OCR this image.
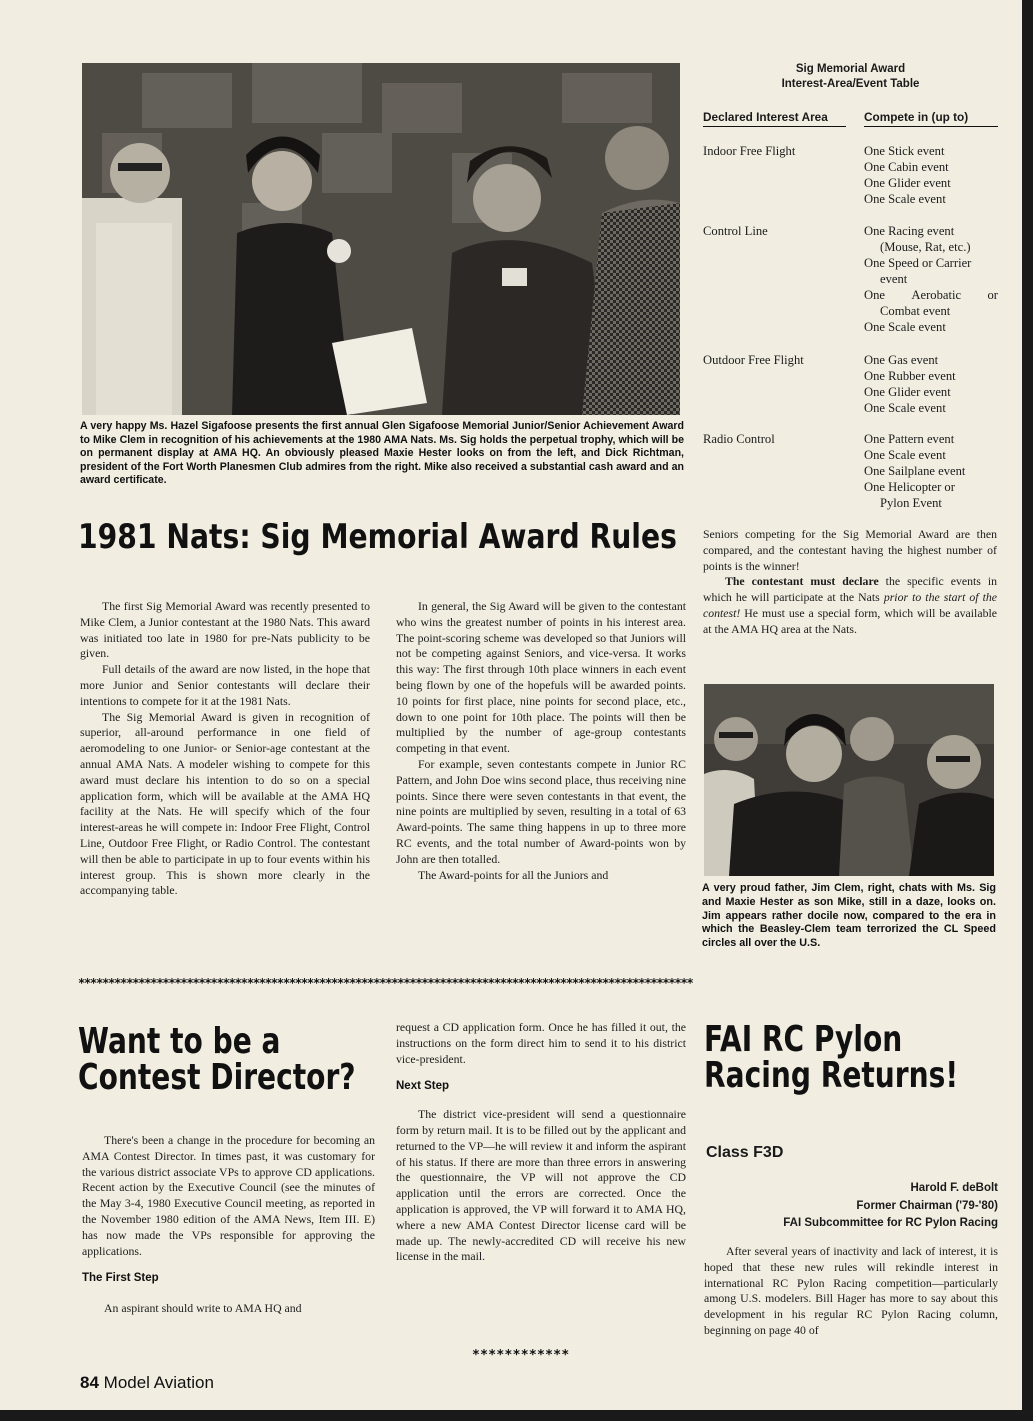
A very happy Ms. Hazel Sigafoose presents the first annual Glen Sigafoose Memorial Junior/Senior Achievement Award to Mike Clem in recognition of his achievements at the 1980 AMA Nats. Ms. Sig holds the perpetual trophy, which will be on permanent display at AMA HQ. An obviously pleased Maxie Hester looks on from the left, and Dick Richtman, president of the Fort Worth Planesmen Club admires from the right. Mike also received a substantial cash award and an award certificate.
Sig Memorial Award
Interest-Area/Event Table
Declared Interest Area	Compete in (up to)
Indoor Free Flight	One Stick event
One Cabin event
One Glider event
One Scale event
Control Line	One Racing event
(Mouse, Rat, etc.)
One Speed or Carrier
event
One Aerobatic or
Combat event
One Scale event
Outdoor Free Flight	One Gas event
One Rubber event
One Glider event
One Scale event
Radio Control	One Pattern event
One Scale event
One Sailplane event
One Helicopter or
Pylon Event
1981 Nats: Sig Memorial Award Rules

The first Sig Memorial Award was recently presented to Mike Clem, a Junior contestant at the 1980 Nats. This award was initiated too late in 1980 for pre-Nats publicity to be given.

Full details of the award are now listed, in the hope that more Junior and Senior contestants will declare their intentions to compete for it at the 1981 Nats.

The Sig Memorial Award is given in recognition of superior, all-around performance in one field of aeromodeling to one Junior- or Senior-age contestant at the annual AMA Nats. A modeler wishing to compete for this award must declare his intention to do so on a special application form, which will be available at the AMA HQ facility at the Nats. He will specify which of the four interest-areas he will compete in: Indoor Free Flight, Control Line, Outdoor Free Flight, or Radio Control. The contestant will then be able to participate in up to four events within his interest group. This is shown more clearly in the accompanying table.

In general, the Sig Award will be given to the contestant who wins the greatest number of points in his interest area. The point-scoring scheme was developed so that Juniors will not be competing against Seniors, and vice-versa. It works this way: The first through 10th place winners in each event being flown by one of the hopefuls will be awarded points. 10 points for first place, nine points for second place, etc., down to one point for 10th place. The points will then be multiplied by the number of age-group contestants competing in that event.

For example, seven contestants compete in Junior RC Pattern, and John Doe wins second place, thus receiving nine points. Since there were seven contestants in that event, the nine points are multiplied by seven, resulting in a total of 63 Award-points. The same thing happens in up to three more RC events, and the total number of Award-points won by John are then totalled.

The Award-points for all the Juniors and

Seniors competing for the Sig Memorial Award are then compared, and the contestant having the highest number of points is the winner!

The contestant must declare the specific events in which he will participate at the Nats prior to the start of the contest! He must use a special form, which will be available at the AMA HQ area at the Nats.

A very proud father, Jim Clem, right, chats with Ms. Sig and Maxie Hester as son Mike, still in a daze, looks on. Jim appears rather docile now, compared to the era in which the Beasley-Clem team terrorized the CL Speed circles all over the U.S.
******************************************************************************************************
Want to be a
Contest Director?

There's been a change in the procedure for becoming an AMA Contest Director. In times past, it was customary for the various district associate VPs to approve CD applications. Recent action by the Executive Council (see the minutes of the May 3-4, 1980 Executive Council meeting, as reported in the November 1980 edition of the AMA News, Item III. E) has now made the VPs responsible for approving the applications.

The First Step

An aspirant should write to AMA HQ and

request a CD application form. Once he has filled it out, the instructions on the form direct him to send it to his district vice-president.

Next Step

The district vice-president will send a questionnaire form by return mail. It is to be filled out by the applicant and returned to the VP—he will review it and inform the aspirant of his status. If there are more than three errors in answering the questionnaire, the VP will not approve the CD application until the errors are corrected. Once the application is approved, the VP will forward it to AMA HQ, where a new AMA Contest Director license card will be made up. The newly-accredited CD will receive his new license in the mail.

************
FAI RC Pylon
Racing Returns!
Class F3D
Harold F. deBolt
Former Chairman ('79-'80)
FAI Subcommittee for RC Pylon Racing

After several years of inactivity and lack of interest, it is hoped that these new rules will rekindle interest in international RC Pylon Racing competition—particularly among U.S. modelers. Bill Hager has more to say about this development in his regular RC Pylon Racing column, beginning on page 40 of

84 Model Aviation
